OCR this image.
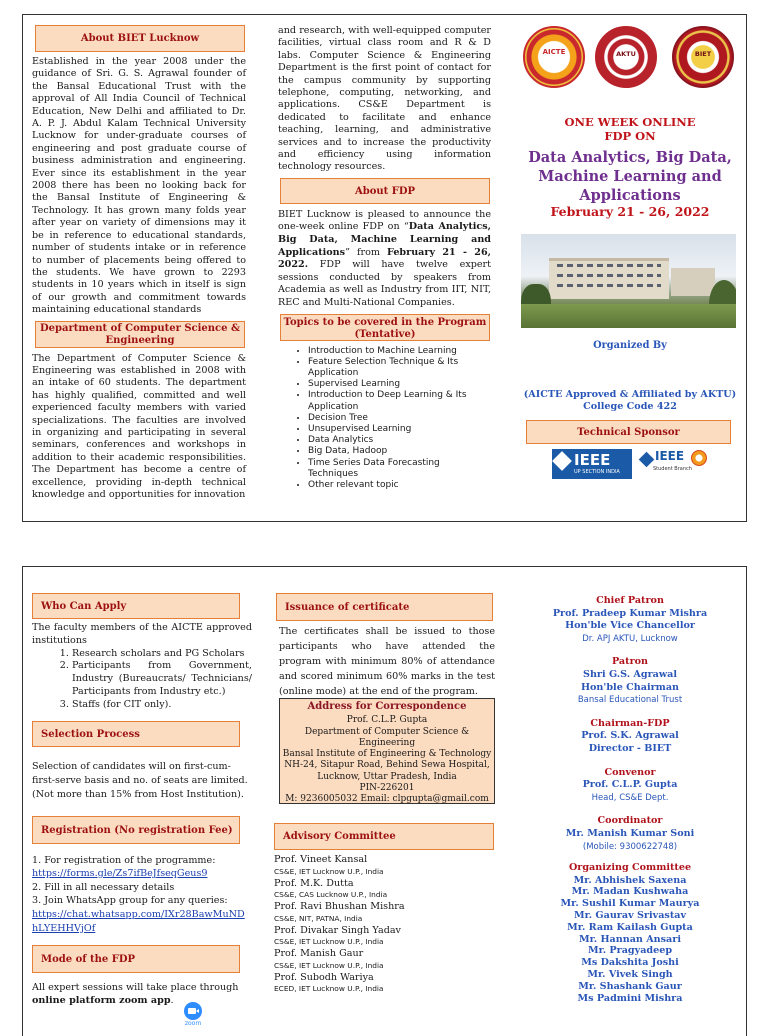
About BIET Lucknow
Established in the year 2008 under the guidance of Sri. G. S. Agrawal founder of the Bansal Educational Trust with the approval of All India Council of Technical Education, New Delhi and affiliated to Dr. A. P. J. Abdul Kalam Technical University Lucknow for under-graduate courses of engineering and post graduate course of business administration and engineering. Ever since its establishment in the year 2008 there has been no looking back for the Bansal Institute of Engineering & Technology. It has grown many folds year after year on variety of dimensions may it be in reference to educational standards, number of students intake or in reference to number of placements being offered to the students. We have grown to 2293 students in 10 years which in itself is sign of our growth and commitment towards maintaining educational standards
Department of Computer Science & Engineering
The Department of Computer Science & Engineering was established in 2008 with an intake of 60 students. The department has highly qualified, committed and well experienced faculty members with varied specializations. The faculties are involved in organizing and participating in several seminars, conferences and workshops in addition to their academic responsibilities. The Department has become a centre of excellence, providing in-depth technical knowledge and opportunities for innovation
and research, with well-equipped computer facilities, virtual class room and R & D labs. Computer Science & Engineering Department is the first point of contact for the campus community by supporting telephone, computing, networking, and applications. CS&E Department is dedicated to facilitate and enhance teaching, learning, and administrative services and to increase the productivity and efficiency using information technology resources.
About FDP
BIET Lucknow is pleased to announce the one-week online FDP on “Data Analytics, Big Data, Machine Learning and Applications” from February 21 - 26, 2022. FDP will have twelve expert sessions conducted by speakers from Academia as well as Industry from IIT, NIT, REC and Multi-National Companies.
Topics to be covered in the Program (Tentative)
• Introduction to Machine Learning
• Feature Selection Technique & Its Application
• Supervised Learning
• Introduction to Deep Learning & Its Application
• Decision Tree
• Unsupervised Learning
• Data Analytics
• Big Data, Hadoop
• Time Series Data Forecasting Techniques
• Other relevant topic
AICTE	AKTU	BIET
ONE WEEK ONLINE
FDP ON
Data Analytics, Big Data, Machine Learning and Applications
February 21 - 26, 2022
Organized By
(AICTE Approved & Affiliated by AKTU)
College Code 422
Technical Sponsor
IEEE
UP SECTION INDIA
IEEE
Student Branch
Who Can Apply
The faculty members of the AICTE approved institutions
1. Research scholars and PG Scholars
2. Participants from Government, Industry (Bureaucrats/ Technicians/ Participants from Industry etc.)
3. Staffs (for CIT only).
Selection Process
Selection of candidates will on first-cum-first-serve basis and no. of seats are limited. (Not more than 15% from Host Institution).
Registration (No registration Fee)
1. For registration of the programme:
https://forms.gle/Zs7ifBeJfseqGeus9
2. Fill in all necessary details
3. Join WhatsApp group for any queries:
https://chat.whatsapp.com/IXr28BawMuND
hLYEHHVjOf
Mode of the FDP
All expert sessions will take place through online platform zoom app.
zoom
Issuance of certificate
The certificates shall be issued to those participants who have attended the program with minimum 80% of attendance and scored minimum 60% marks in the test (online mode) at the end of the program.
Address for Correspondence
Prof. C.L.P. Gupta
Department of Computer Science & Engineering
Bansal Institute of Engineering & Technology
NH-24, Sitapur Road, Behind Sewa Hospital,
Lucknow, Uttar Pradesh, India
PIN-226201
M: 9236005032 Email: clpgupta@gmail.com
Advisory Committee
Prof. Vineet Kansal
CS&E, IET Lucknow U.P., India
Prof. M.K. Dutta
CS&E, CAS Lucknow U.P., India
Prof. Ravi Bhushan Mishra
CS&E, NIT, PATNA, India
Prof. Divakar Singh Yadav
CS&E, IET Lucknow U.P., India
Prof. Manish Gaur
CS&E, IET Lucknow U.P., India
Prof. Subodh Wariya
ECED, IET Lucknow U.P., India
Chief Patron
Prof. Pradeep Kumar Mishra
Hon'ble Vice Chancellor
Dr. APJ AKTU, Lucknow
Patron
Shri G.S. Agrawal
Hon'ble Chairman
Bansal Educational Trust
Chairman-FDP
Prof. S.K. Agrawal
Director - BIET
Convenor
Prof. C.L.P. Gupta
Head, CS&E Dept.
Coordinator
Mr. Manish Kumar Soni
(Mobile: 9300622748)
Organizing Committee
Mr. Abhishek Saxena
Mr. Madan Kushwaha
Mr. Sushil Kumar Maurya
Mr. Gaurav Srivastav
Mr. Ram Kailash Gupta
Mr. Hannan Ansari
Mr. Pragyadeep
Ms Dakshita Joshi
Mr. Vivek Singh
Mr. Shashank Gaur
Ms Padmini Mishra
